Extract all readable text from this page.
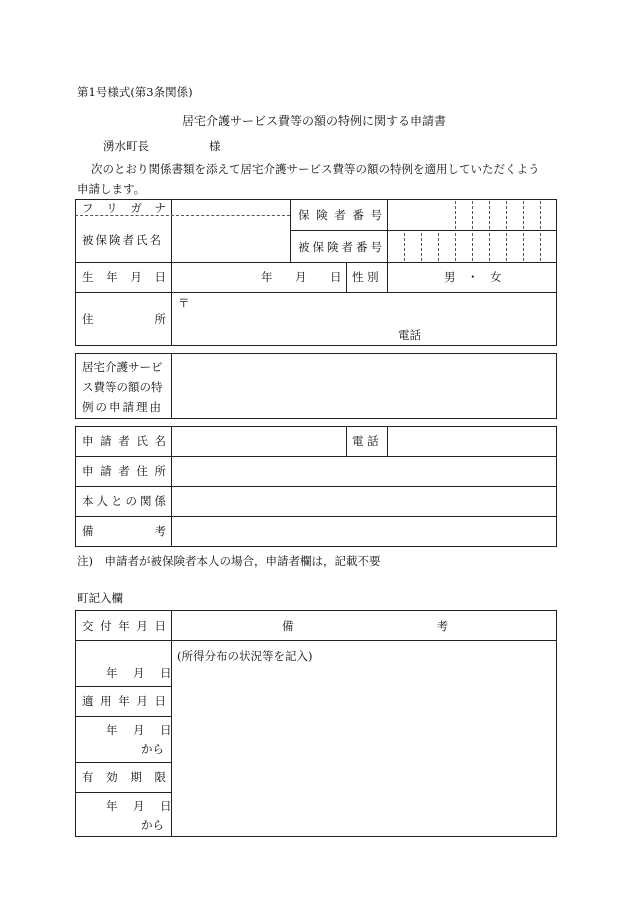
第1号様式(第3条関係)
居宅介護サービス費等の額の特例に関する申請書
湧水町長	様
次のとおり関係書類を添えて居宅介護サービス費等の額の特例を適用していただくよう
申請します。
フ リ ガ ナ
被保険者氏名
保 険 者 番 号
被 保 険 者 番 号
生 年 月 日	年 月 日 性 別	男　・　女
住	所
〒
電話
居宅介護サービ
ス費等の額の特
例の申請理由
申 請 者 氏 名	電 話
申 請 者 住 所
本 人 と の 関 係
備	考
注)　申請者が被保険者本人の場合，申請者欄は，記載不要
町記入欄
交 付 年 月 日	備	考
(所得分布の状況等を記入)
年　月　日
適 用 年 月 日
年　月　日
から
有 効 期 限
年　月　日
から
